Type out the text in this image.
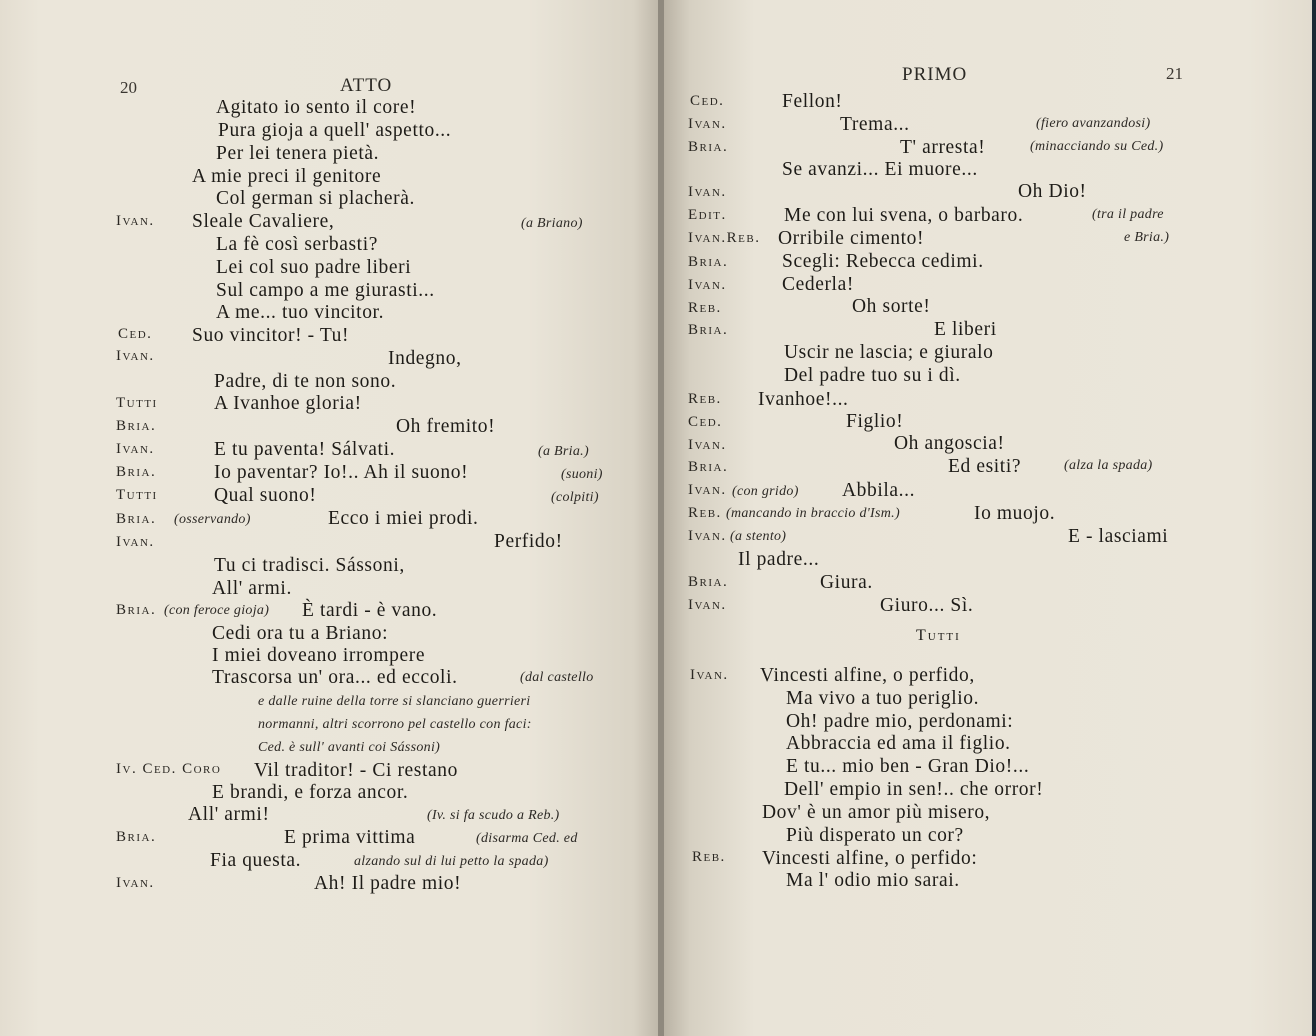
20	ATTO
Ivan.
Ced.
Ivan.
Tutti
Bria.
Ivan.
Bria.
Tutti
Bria.
Ivan.
Bria.
Iv. Ced. Coro
Bria.
Ivan.
(osservando)
(con feroce gioja)
Agitato io sento il core!
Pura gioja a quell' aspetto...
Per lei tenera pietà.
A mie preci il genitore
Col german si placherà.
Sleale Cavaliere,
La fè così serbasti?
Lei col suo padre liberi
Sul campo a me giurasti...
A me... tuo vincitor.
Suo vincitor! - Tu!
Indegno,
Padre, di te non sono.
A Ivanhoe gloria!
Oh fremito!
E tu paventa! Sálvati.
Io paventar? Io!.. Ah il suono!
Qual suono!
Ecco i miei prodi.
Perfido!
Tu ci tradisci. Sássoni,
All' armi.
È tardi - è vano.
Cedi ora tu a Briano:
I miei doveano irrompere
Trascorsa un' ora... ed eccoli.
Vil traditor! - Ci restano
E brandi, e forza ancor.
All' armi!
E prima vittima
Fia questa.
Ah! Il padre mio!
(a Briano)
(a Bria.)
(suoni)
(colpiti)
(dal castello
e dalle ruine della torre si slanciano guerrieri
normanni, altri scorrono pel castello con faci:
Ced. è sull' avanti coi Sássoni)
(Iv. si fa scudo a Reb.)
(disarma Ced. ed
alzando sul di lui petto la spada)
PRIMO	21
Ced.
Ivan.
Bria.
Ivan.
Edit.
Ivan.Reb.
Bria.
Ivan.
Reb.
Bria.
Reb.
Ced.
Ivan.
Bria.
Ivan.
Reb.
Ivan.
Bria.
Ivan.
Ivan.
Reb.
(con grido)
(mancando in braccio d'Ism.)
(a stento)
Fellon!
Trema...
T' arresta!
Se avanzi... Ei muore...
Oh Dio!
Me con lui svena, o barbaro.
Orribile cimento!
Scegli: Rebecca cedimi.
Cederla!
Oh sorte!
E liberi
Uscir ne lascia; e giuralo
Del padre tuo su i dì.
Ivanhoe!...
Figlio!
Oh angoscia!
Ed esiti?
Abbila...
Io muojo.
E - lasciami
Il padre...
Giura.
Giuro... Sì.
Vincesti alfine, o perfido,
Ma vivo a tuo periglio.
Oh! padre mio, perdonami:
Abbraccia ed ama il figlio.
E tu... mio ben - Gran Dio!...
Dell' empio in sen!.. che orror!
Dov' è un amor più misero,
Più disperato un cor?
Vincesti alfine, o perfido:
Ma l' odio mio sarai.
Tutti
(fiero avanzandosi)
(minacciando su Ced.)
(tra il padre
e Bria.)
(alza la spada)
